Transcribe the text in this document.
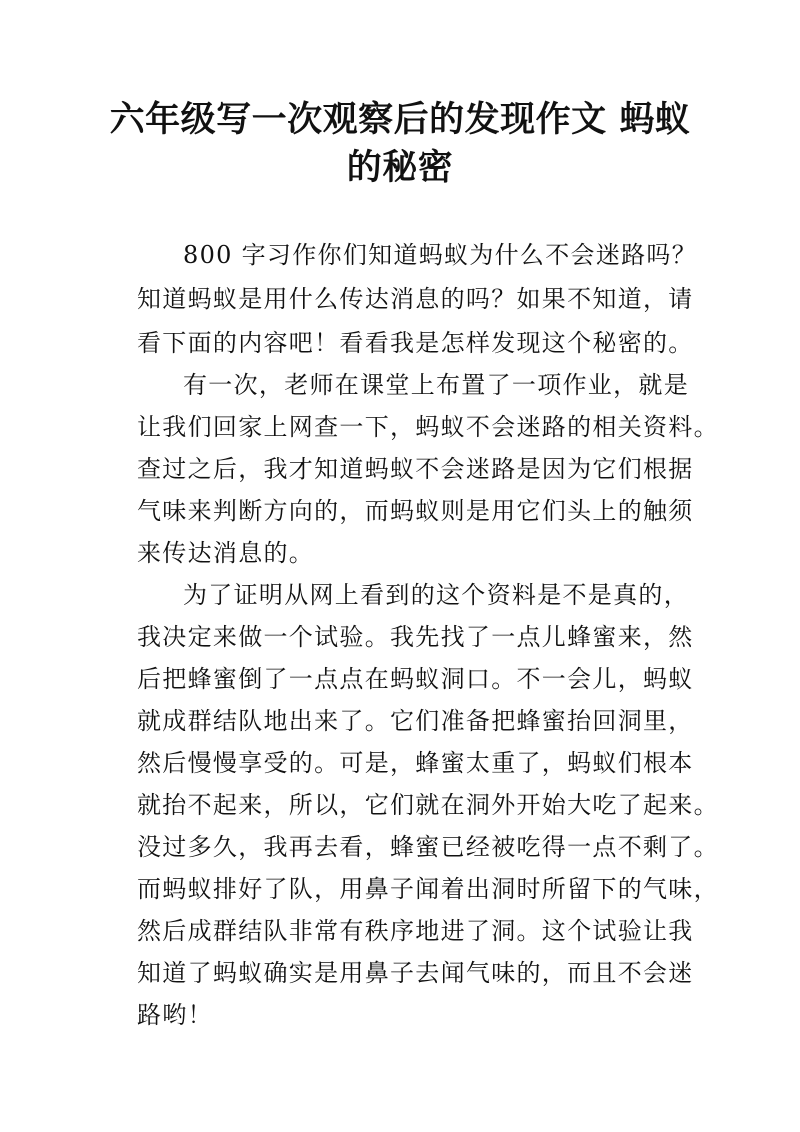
六年级写一次观察后的发现作文 蚂蚁
的秘密
800 字习作你们知道蚂蚁为什么不会迷路吗？
知道蚂蚁是用什么传达消息的吗？如果不知道，请
看下面的内容吧！看看我是怎样发现这个秘密的。
有一次，老师在课堂上布置了一项作业，就是
让我们回家上网查一下，蚂蚁不会迷路的相关资料。
查过之后，我才知道蚂蚁不会迷路是因为它们根据
气味来判断方向的，而蚂蚁则是用它们头上的触须
来传达消息的。
为了证明从网上看到的这个资料是不是真的，
我决定来做一个试验。我先找了一点儿蜂蜜来，然
后把蜂蜜倒了一点点在蚂蚁洞口。不一会儿，蚂蚁
就成群结队地出来了。它们准备把蜂蜜抬回洞里，
然后慢慢享受的。可是，蜂蜜太重了，蚂蚁们根本
就抬不起来，所以，它们就在洞外开始大吃了起来。
没过多久，我再去看，蜂蜜已经被吃得一点不剩了。
而蚂蚁排好了队，用鼻子闻着出洞时所留下的气味，
然后成群结队非常有秩序地进了洞。这个试验让我
知道了蚂蚁确实是用鼻子去闻气味的，而且不会迷
路哟！
